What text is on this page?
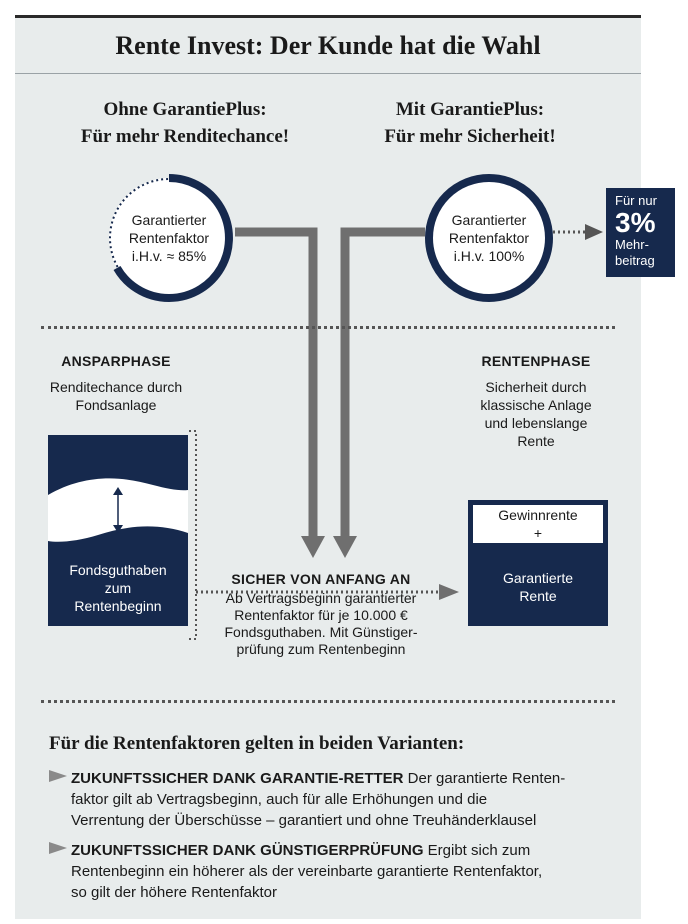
Rente Invest: Der Kunde hat die Wahl
Ohne GarantiePlus:
Für mehr Renditechance!
Mit GarantiePlus:
Für mehr Sicherheit!
Garantierter
Rentenfaktor
i.H.v. ≈ 85%
Garantierter
Rentenfaktor
i.H.v. 100%
Für nur
3%
Mehr-
beitrag
ANSPARPHASE
Renditechance durch
Fondsanlage
RENTENPHASE
Sicherheit durch
klassische Anlage
und lebenslange
Rente
Fondsguthaben
zum
Rentenbeginn
SICHER VON ANFANG AN
Ab Vertragsbeginn garantierter
Rentenfaktor für je 10.000 €
Fondsguthaben. Mit Günstiger-
prüfung zum Rentenbeginn
Gewinnrente
+
Garantierte
Rente
Für die Rentenfaktoren gelten in beiden Varianten:
ZUKUNFTSSICHER DANK GARANTIE-RETTER Der garantierte Renten-
faktor gilt ab Vertragsbeginn, auch für alle Erhöhungen und die
Verrentung der Überschüsse – garantiert und ohne Treuhänderklausel
ZUKUNFTSSICHER DANK GÜNSTIGERPRÜFUNG Ergibt sich zum
Rentenbeginn ein höherer als der vereinbarte garantierte Rentenfaktor,
so gilt der höhere Rentenfaktor
